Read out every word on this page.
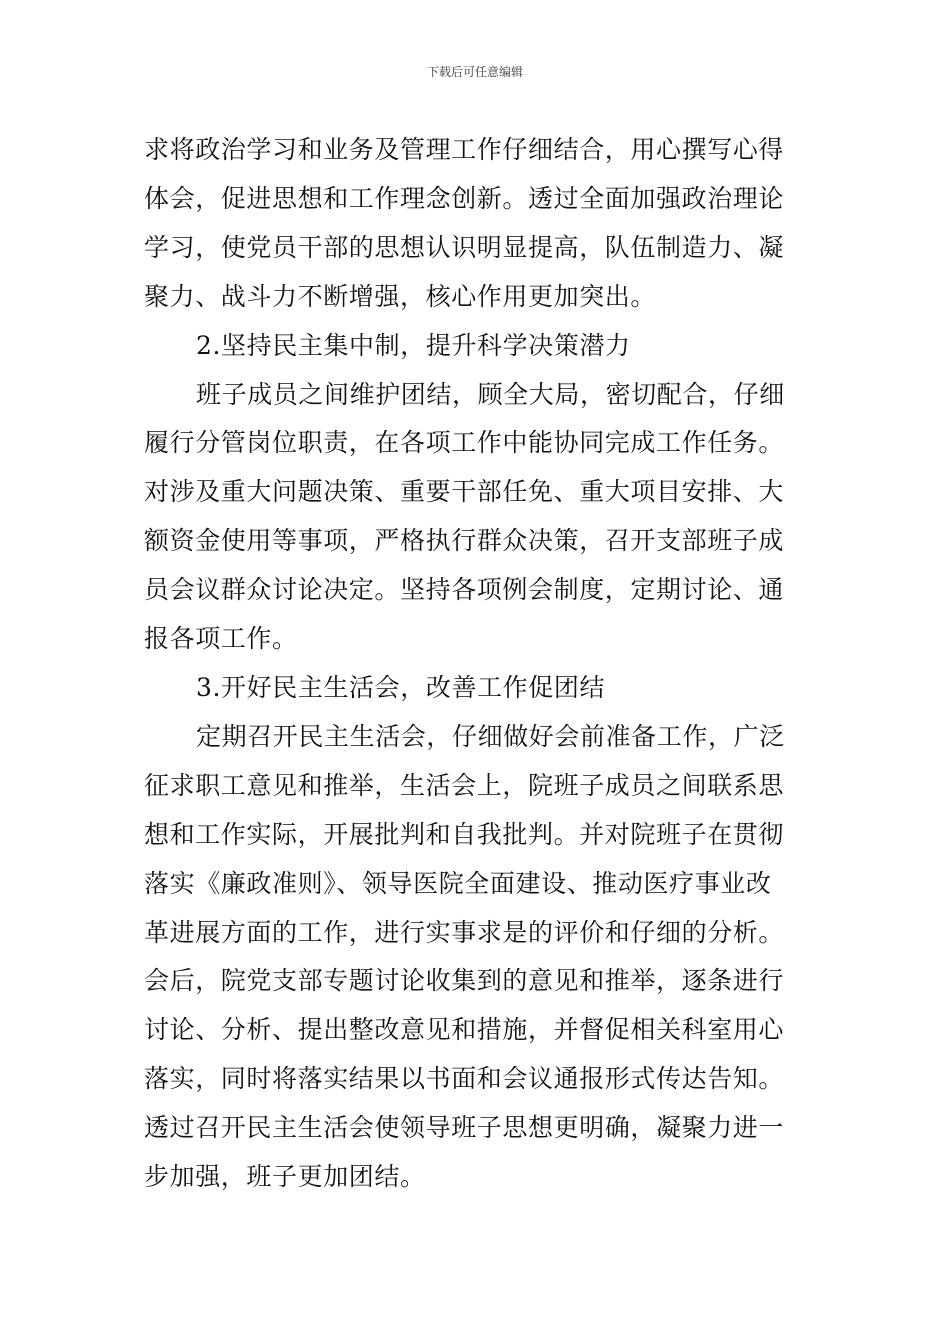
下载后可任意编辑
求将政治学习和业务及管理工作仔细结合，用心撰写心得
体会，促进思想和工作理念创新。透过全面加强政治理论
学习，使党员干部的思想认识明显提高，队伍制造力、凝
聚力、战斗力不断增强，核心作用更加突出。
2.坚持民主集中制，提升科学决策潜力
班子成员之间维护团结，顾全大局，密切配合，仔细
履行分管岗位职责，在各项工作中能协同完成工作任务。
对涉及重大问题决策、重要干部任免、重大项目安排、大
额资金使用等事项，严格执行群众决策，召开支部班子成
员会议群众讨论决定。坚持各项例会制度，定期讨论、通
报各项工作。
3.开好民主生活会，改善工作促团结
定期召开民主生活会，仔细做好会前准备工作，广泛
征求职工意见和推举，生活会上，院班子成员之间联系思
想和工作实际，开展批判和自我批判。并对院班子在贯彻
落实《廉政准则》、领导医院全面建设、推动医疗事业改
革进展方面的工作，进行实事求是的评价和仔细的分析。
会后，院党支部专题讨论收集到的意见和推举，逐条进行
讨论、分析、提出整改意见和措施，并督促相关科室用心
落实，同时将落实结果以书面和会议通报形式传达告知。
透过召开民主生活会使领导班子思想更明确，凝聚力进一
步加强，班子更加团结。
